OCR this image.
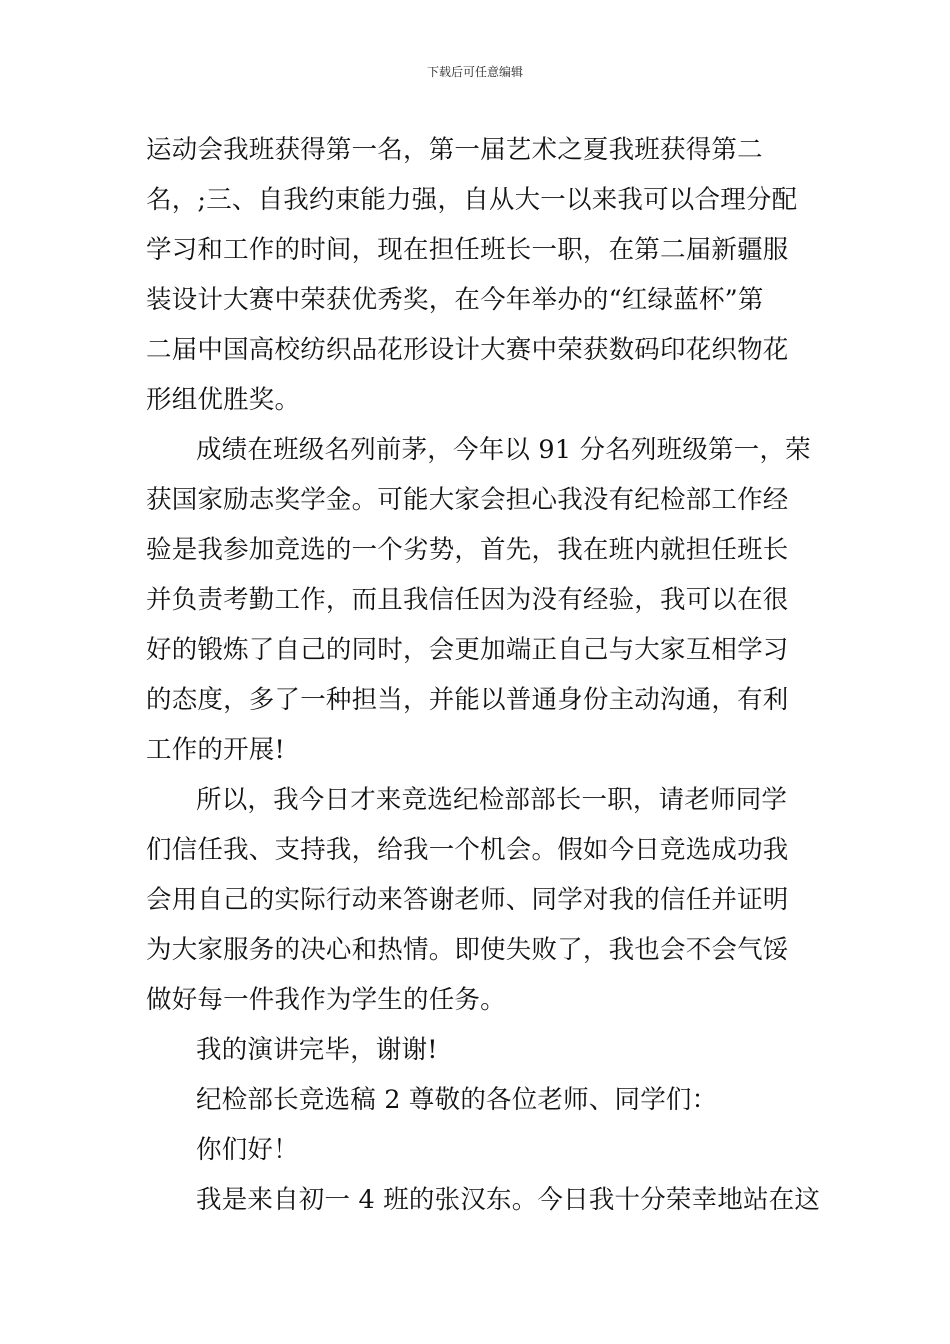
下载后可任意编辑
运动会我班获得第一名，第一届艺术之夏我班获得第二
名，;三、自我约束能力强，自从大一以来我可以合理分配
学习和工作的时间，现在担任班长一职，在第二届新疆服
装设计大赛中荣获优秀奖，在今年举办的“红绿蓝杯”第
二届中国高校纺织品花形设计大赛中荣获数码印花织物花
形组优胜奖。
成绩在班级名列前茅，今年以 91 分名列班级第一，荣
获国家励志奖学金。可能大家会担心我没有纪检部工作经
验是我参加竞选的一个劣势，首先，我在班内就担任班长
并负责考勤工作，而且我信任因为没有经验，我可以在很
好的锻炼了自己的同时，会更加端正自己与大家互相学习
的态度，多了一种担当，并能以普通身份主动沟通，有利
工作的开展!
所以，我今日才来竞选纪检部部长一职，请老师同学
们信任我、支持我，给我一个机会。假如今日竞选成功我
会用自己的实际行动来答谢老师、同学对我的信任并证明
为大家服务的决心和热情。即使失败了，我也会不会气馁
做好每一件我作为学生的任务。
我的演讲完毕，谢谢!
纪检部长竞选稿 2 尊敬的各位老师、同学们：
你们好！
我是来自初一 4 班的张汉东。今日我十分荣幸地站在这
